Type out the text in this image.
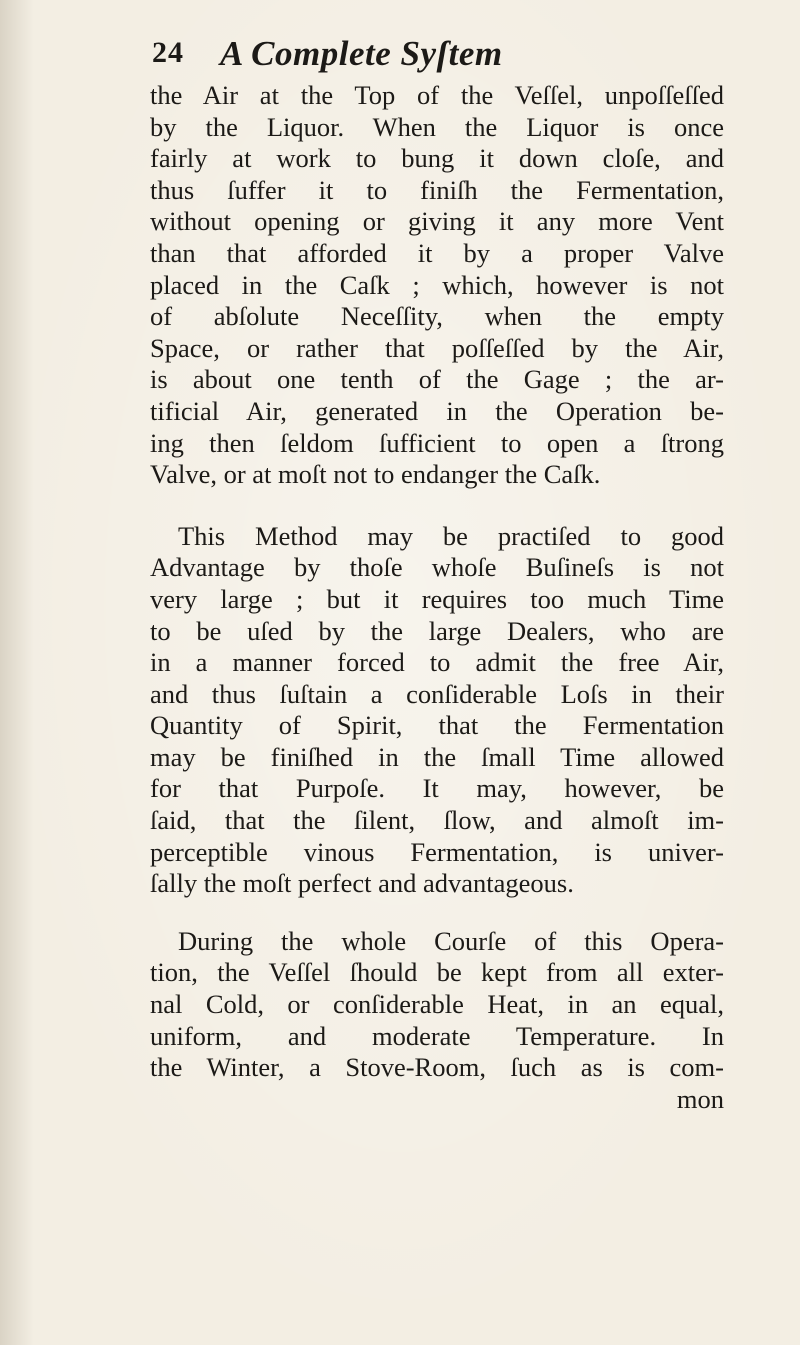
24 A Complete Syſtem
the Air at the Top of the Veſſel, unpoſſeſſed
by the Liquor. When the Liquor is once
fairly at work to bung it down cloſe, and
thus ſuffer it to finiſh the Fermentation,
without opening or giving it any more Vent
than that afforded it by a proper Valve
placed in the Caſk ; which, however is not
of abſolute Neceſſity, when the empty
Space, or rather that poſſeſſed by the Air,
is about one tenth of the Gage ; the ar-
tificial Air, generated in the Operation be-
ing then ſeldom ſufficient to open a ſtrong
Valve, or at moſt not to endanger the Caſk.
This Method may be practiſed to good
Advantage by thoſe whoſe Buſineſs is not
very large ; but it requires too much Time
to be uſed by the large Dealers, who are
in a manner forced to admit the free Air,
and thus ſuſtain a conſiderable Loſs in their
Quantity of Spirit, that the Fermentation
may be finiſhed in the ſmall Time allowed
for that Purpoſe. It may, however, be
ſaid, that the ſilent, ſlow, and almoſt im-
perceptible vinous Fermentation, is univer-
ſally the moſt perfect and advantageous.
During the whole Courſe of this Opera-
tion, the Veſſel ſhould be kept from all exter-
nal Cold, or conſiderable Heat, in an equal,
uniform, and moderate Temperature. In
the Winter, a Stove-Room, ſuch as is com-
mon
